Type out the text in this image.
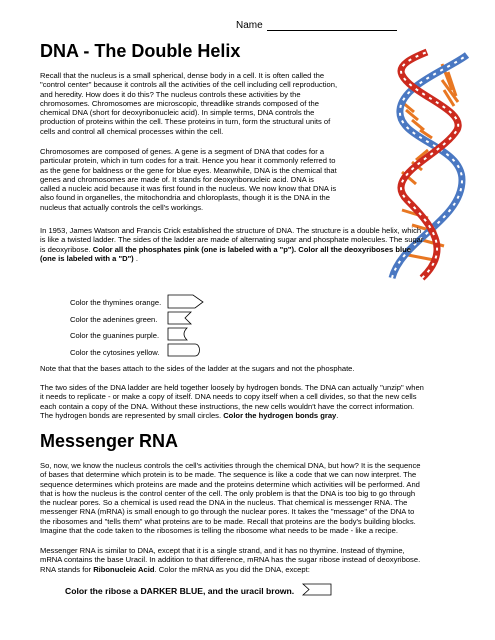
Name
DNA - The Double Helix
Recall that the nucleus is a small spherical, dense body in a cell. It is often called the
"control center" because it controls all the activities of the cell including cell reproduction,
and heredity. How does it do this? The nucleus controls these activities by the
chromosomes. Chromosomes are microscopic, threadlike strands composed of the
chemical DNA (short for deoxyribonucleic acid). In simple terms, DNA controls the
production of proteins within the cell. These proteins in turn, form the structural units of
cells and control all chemical processes within the cell.
Chromosomes are composed of genes. A gene is a segment of DNA that codes for a
particular protein, which in turn codes for a trait. Hence you hear it commonly referred to
as the gene for baldness or the gene for blue eyes. Meanwhile, DNA is the chemical that
genes and chromosomes are made of. It stands for deoxyribonucleic acid. DNA is
called a nucleic acid because it was first found in the nucleus. We now know that DNA is
also found in organelles, the mitochondria and chloroplasts, though it is the DNA in the
nucleus that actually controls the cell's workings.
In 1953, James Watson and Francis Crick established the structure of DNA. The structure is a double helix, which
is like a twisted ladder. The sides of the ladder are made of alternating sugar and phosphate molecules. The sugar
is deoxyribose. Color all the phosphates pink (one is labeled with a "p"). Color all the deoxyriboses blue
(one is labeled with a "D") .
Color the thymines orange.
Color the adenines green.
Color the guanines purple.
Color the cytosines yellow.
Note that that the bases attach to the sides of the ladder at the sugars and not the phosphate.
The two sides of the DNA ladder are held together loosely by hydrogen bonds. The DNA can actually "unzip" when
it needs to replicate - or make a copy of itself. DNA needs to copy itself when a cell divides, so that the new cells
each contain a copy of the DNA. Without these instructions, the new cells wouldn't have the correct information.
The hydrogen bonds are represented by small circles. Color the hydrogen bonds gray.
Messenger RNA
So, now, we know the nucleus controls the cell's activities through the chemical DNA, but how? It is the sequence
of bases that determine which protein is to be made. The sequence is like a code that we can now interpret. The
sequence determines which proteins are made and the proteins determine which activities will be performed. And
that is how the nucleus is the control center of the cell. The only problem is that the DNA is too big to go through
the nuclear pores. So a chemical is used read the DNA in the nucleus. That chemical is messenger RNA. The
messenger RNA (mRNA) is small enough to go through the nuclear pores. It takes the "message" of the DNA to
the ribosomes and "tells them" what proteins are to be made. Recall that proteins are the body's building blocks.
Imagine that the code taken to the ribosomes is telling the ribosome what needs to be made - like a recipe.
Messenger RNA is similar to DNA, except that it is a single strand, and it has no thymine. Instead of thymine,
mRNA contains the base Uracil. In addition to that difference, mRNA has the sugar ribose instead of deoxyribose.
RNA stands for Ribonucleic Acid. Color the mRNA as you did the DNA, except:
Color the ribose a DARKER BLUE, and the uracil brown.
